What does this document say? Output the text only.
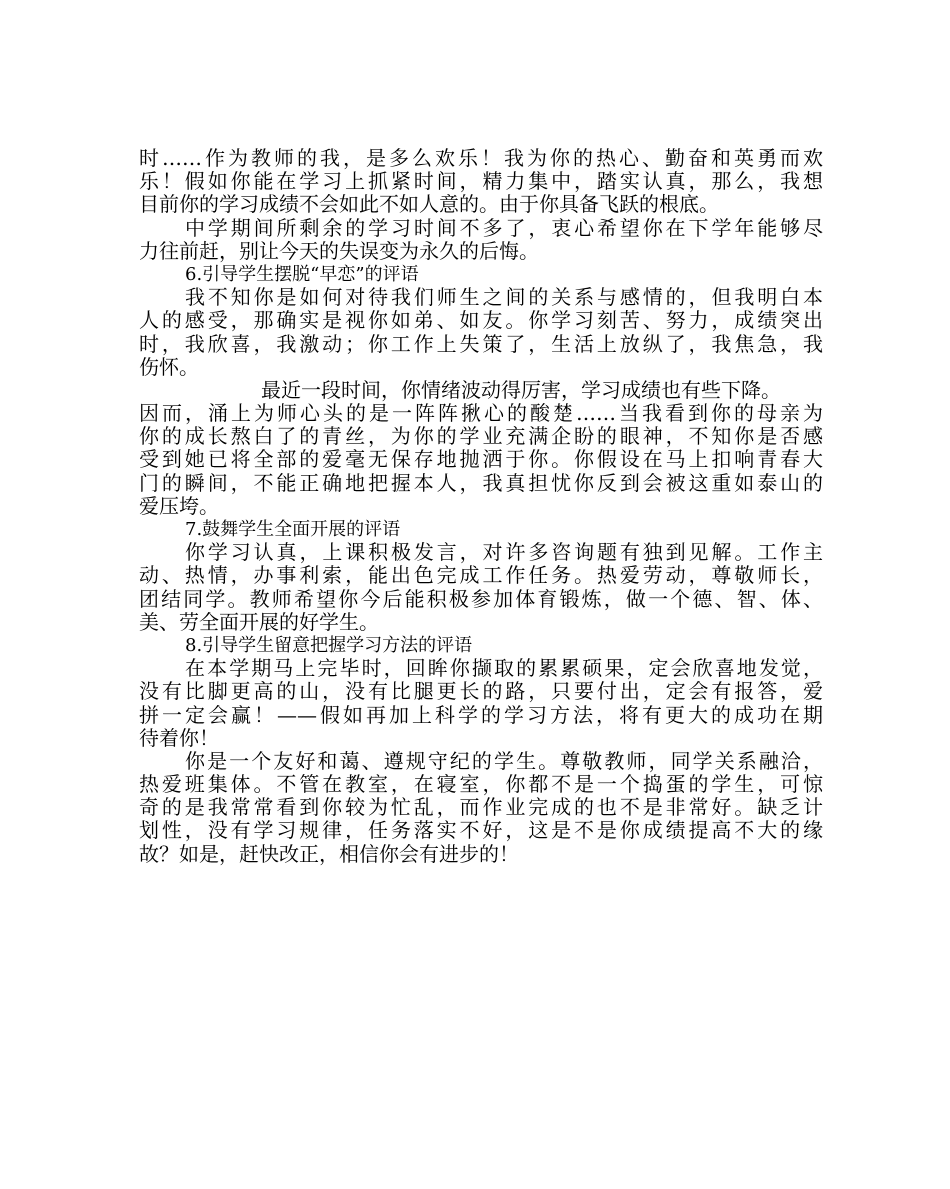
时……作为教师的我，是多么欢乐！我为你的热心、勤奋和英勇而欢
乐！假如你能在学习上抓紧时间，精力集中，踏实认真，那么，我想
目前你的学习成绩不会如此不如人意的。由于你具备飞跃的根底。
中学期间所剩余的学习时间不多了，衷心希望你在下学年能够尽
力往前赶，别让今天的失误变为永久的后悔。
6.引导学生摆脱“早恋”的评语
我不知你是如何对待我们师生之间的关系与感情的，但我明白本
人的感受，那确实是视你如弟、如友。你学习刻苦、努力，成绩突出
时，我欣喜，我激动；你工作上失策了，生活上放纵了，我焦急，我
伤怀。
最近一段时间，你情绪波动得厉害，学习成绩也有些下降。
因而，涌上为师心头的是一阵阵揪心的酸楚……当我看到你的母亲为
你的成长熬白了的青丝，为你的学业充满企盼的眼神，不知你是否感
受到她已将全部的爱毫无保存地抛洒于你。你假设在马上扣响青春大
门的瞬间，不能正确地把握本人，我真担忧你反到会被这重如泰山的
爱压垮。
7.鼓舞学生全面开展的评语
你学习认真，上课积极发言，对许多咨询题有独到见解。工作主
动、热情，办事利索，能出色完成工作任务。热爱劳动，尊敬师长，
团结同学。教师希望你今后能积极参加体育锻炼，做一个德、智、体、
美、劳全面开展的好学生。
8.引导学生留意把握学习方法的评语
在本学期马上完毕时，回眸你撷取的累累硕果，定会欣喜地发觉，
没有比脚更高的山，没有比腿更长的路，只要付出，定会有报答，爱
拼一定会赢！——假如再加上科学的学习方法，将有更大的成功在期
待着你！
你是一个友好和蔼、遵规守纪的学生。尊敬教师，同学关系融洽，
热爱班集体。不管在教室，在寝室，你都不是一个捣蛋的学生，可惊
奇的是我常常看到你较为忙乱，而作业完成的也不是非常好。缺乏计
划性，没有学习规律，任务落实不好，这是不是你成绩提高不大的缘
故？如是，赶快改正，相信你会有进步的！
